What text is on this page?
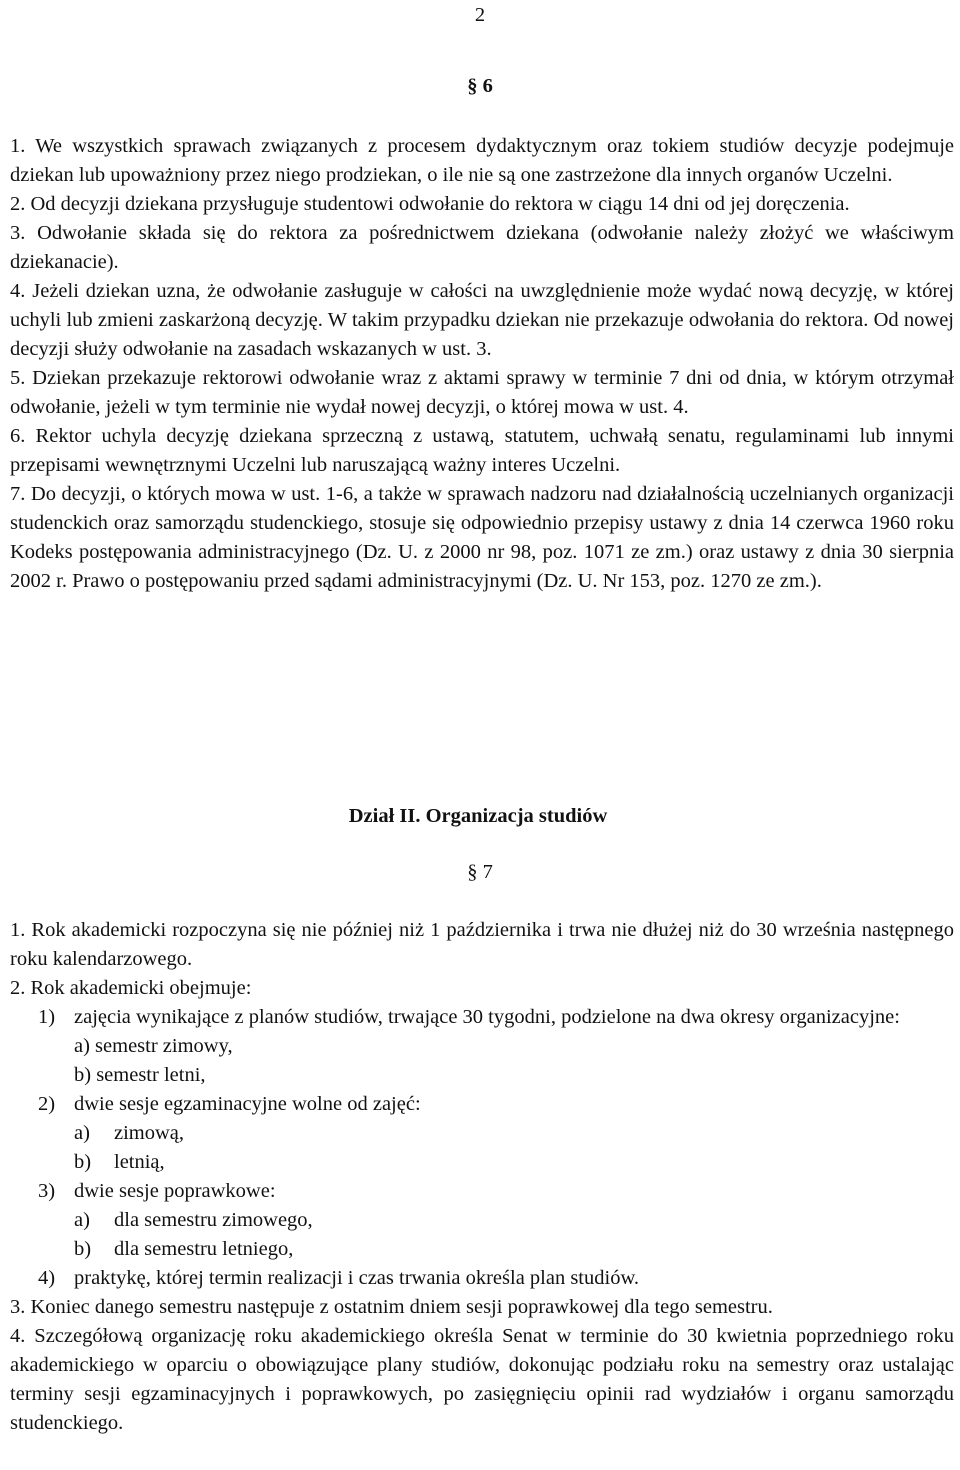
2
§ 6

1. We wszystkich sprawach związanych z procesem dydaktycznym oraz tokiem studiów decyzje podejmuje dziekan lub upoważniony przez niego prodziekan, o ile nie są one zastrzeżone dla innych organów Uczelni.

2. Od decyzji dziekana przysługuje studentowi odwołanie do rektora w ciągu 14 dni od jej doręczenia.

3. Odwołanie składa się do rektora za pośrednictwem dziekana (odwołanie należy złożyć we właściwym dziekanacie).

4. Jeżeli dziekan uzna, że odwołanie zasługuje w całości na uwzględnienie może wydać nową decyzję, w której uchyli lub zmieni zaskarżoną decyzję. W takim przypadku dziekan nie przekazuje odwołania do rektora. Od nowej decyzji służy odwołanie na zasadach wskazanych w ust. 3.

5. Dziekan przekazuje rektorowi odwołanie wraz z aktami sprawy w terminie 7 dni od dnia, w którym otrzymał odwołanie, jeżeli w tym terminie nie wydał nowej decyzji, o której mowa w ust. 4.

6. Rektor uchyla decyzję dziekana sprzeczną z ustawą, statutem, uchwałą senatu, regulaminami lub innymi przepisami wewnętrznymi Uczelni lub naruszającą ważny interes Uczelni.

7. Do decyzji, o których mowa w ust. 1-6, a także w sprawach nadzoru nad działalnością uczelnianych organizacji studenckich oraz samorządu studenckiego, stosuje się odpowiednio przepisy ustawy z dnia 14 czerwca 1960 roku Kodeks postępowania administracyjnego (Dz. U. z 2000 nr 98, poz. 1071 ze zm.) oraz ustawy z dnia 30 sierpnia 2002 r. Prawo o postępowaniu przed sądami administracyjnymi (Dz. U. Nr 153, poz. 1270 ze zm.).

Dział II. Organizacja studiów
§ 7

1. Rok akademicki rozpoczyna się nie później niż 1 października i trwa nie dłużej niż do 30 września następnego roku kalendarzowego.

2. Rok akademicki obejmuje:

1) zajęcia wynikające z planów studiów, trwające 30 tygodni, podzielone na dwa okresy organizacyjne:
a) semestr zimowy,
b) semestr letni,
2) dwie sesje egzaminacyjne wolne od zajęć:
a)	zimową,
b)	letnią,
3) dwie sesje poprawkowe:
a)	dla semestru zimowego,
b)	dla semestru letniego,
4) praktykę, której termin realizacji i czas trwania określa plan studiów.

3. Koniec danego semestru następuje z ostatnim dniem sesji poprawkowej dla tego semestru.

4. Szczegółową organizację roku akademickiego określa Senat w terminie do 30 kwietnia poprzedniego roku akademickiego w oparciu o obowiązujące plany studiów, dokonując podziału roku na semestry oraz ustalając terminy sesji egzaminacyjnych i poprawkowych, po zasięgnięciu opinii rad wydziałów i organu samorządu studenckiego.
